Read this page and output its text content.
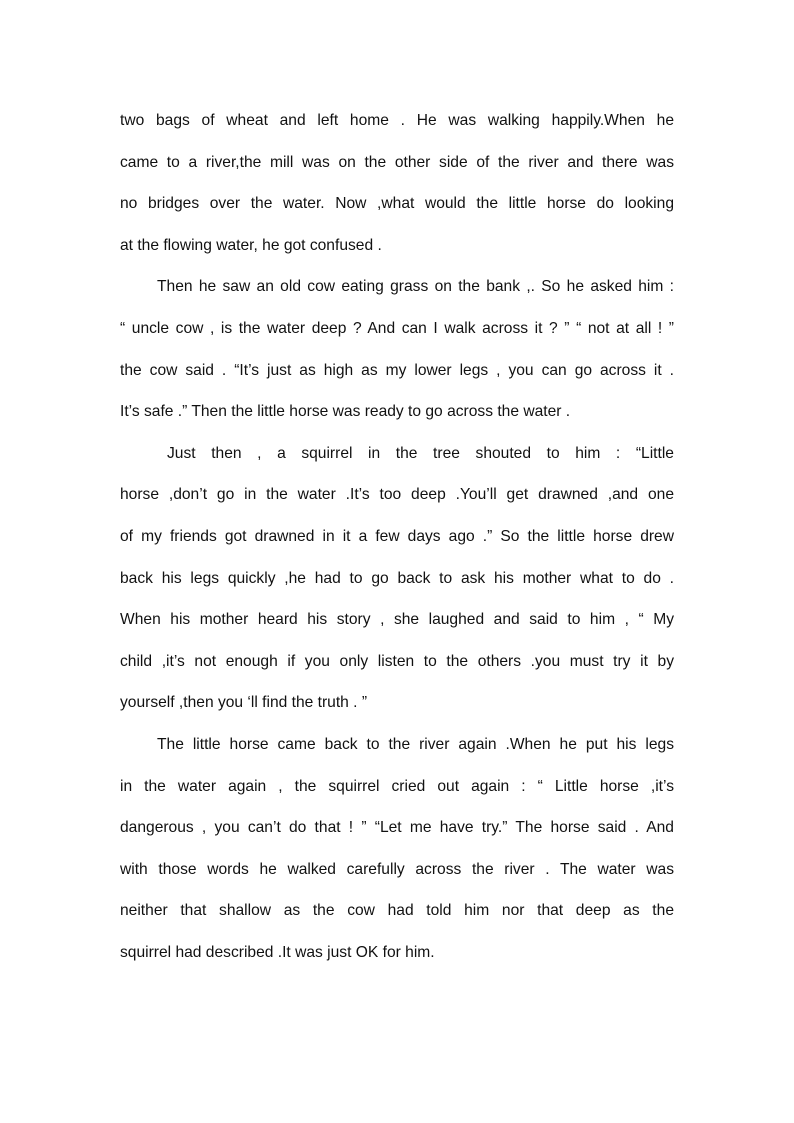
two bags of wheat and left home . He was walking happily.When he
came to a river,the mill was on the other side of the river and there was
no bridges over the water. Now ,what would the little horse do looking
at the flowing water, he got confused .
Then he saw an old cow eating grass on the bank ,. So he asked him :
“ uncle cow , is the water deep ? And can I walk across it ? ” “ not at all ! ”
the cow said . “It’s just as high as my lower legs , you can go across it .
It’s safe .” Then the little horse was ready to go across the water .
Just then , a squirrel in the tree shouted to him : “Little
horse ,don’t go in the water .It’s too deep .You’ll get drawned ,and one
of my friends got drawned in it a few days ago .” So the little horse drew
back his legs quickly ,he had to go back to ask his mother what to do .
When his mother heard his story , she laughed and said to him , “ My
child ,it’s not enough if you only listen to the others .you must try it by
yourself ,then you ‘ll find the truth . ”
The little horse came back to the river again .When he put his legs
in the water again , the squirrel cried out again : “ Little horse ,it’s
dangerous , you can’t do that ! ” “Let me have try.” The horse said . And
with those words he walked carefully across the river . The water was
neither that shallow as the cow had told him nor that deep as the
squirrel had described .It was just OK for him.
